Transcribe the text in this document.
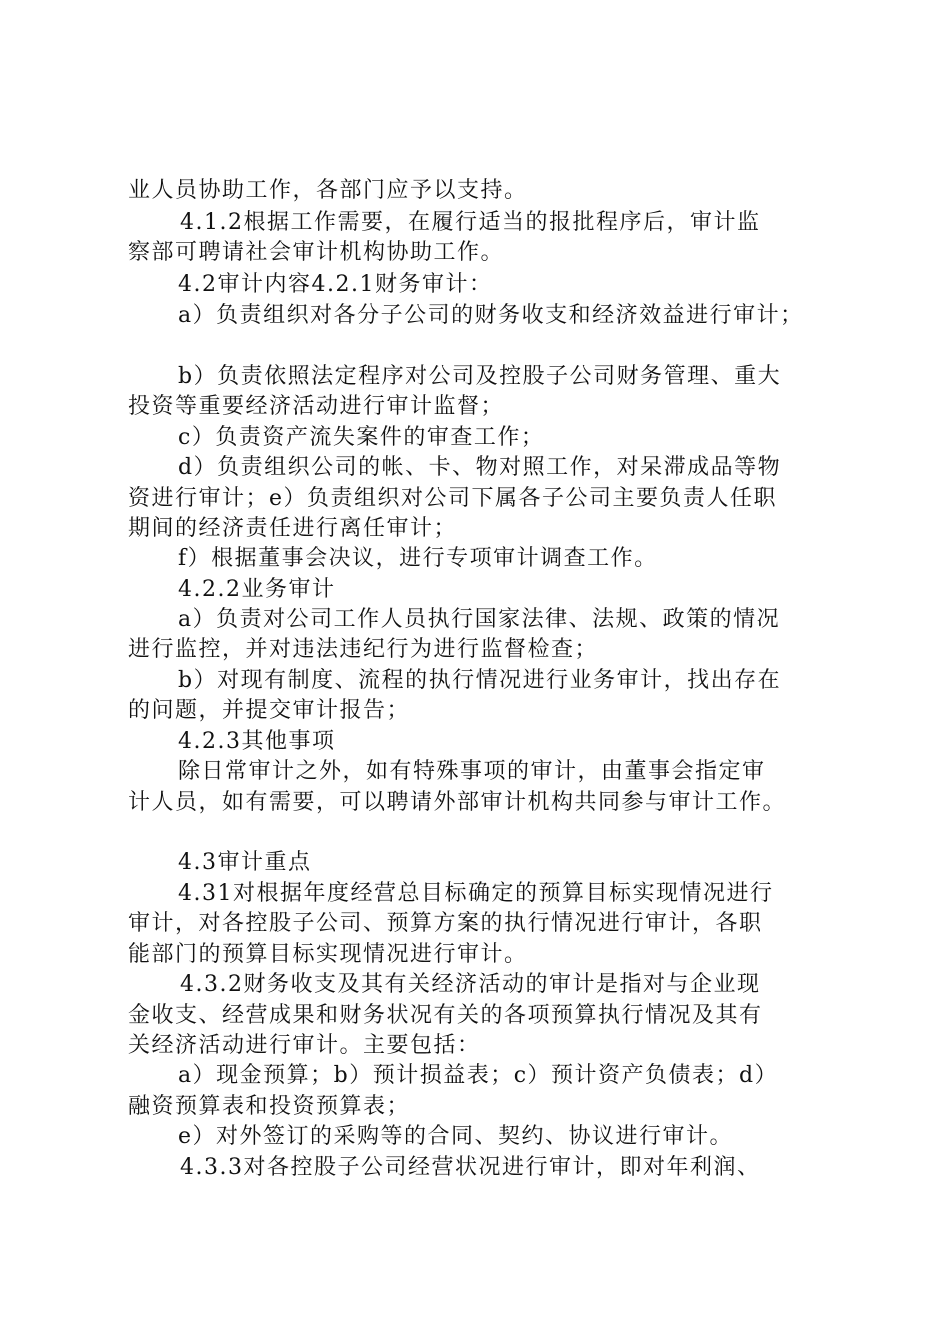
业人员协助工作，各部门应予以支持。
4.1.2根据工作需要，在履行适当的报批程序后，审计监
察部可聘请社会审计机构协助工作。
4.2审计内容4.2.1财务审计：
a）负责组织对各分子公司的财务收支和经济效益进行审计；
b）负责依照法定程序对公司及控股子公司财务管理、重大
投资等重要经济活动进行审计监督；
c）负责资产流失案件的审查工作；
d）负责组织公司的帐、卡、物对照工作，对呆滞成品等物
资进行审计；e）负责组织对公司下属各子公司主要负责人任职
期间的经济责任进行离任审计；
f）根据董事会决议，进行专项审计调查工作。
4.2.2业务审计
a）负责对公司工作人员执行国家法律、法规、政策的情况
进行监控，并对违法违纪行为进行监督检查；
b）对现有制度、流程的执行情况进行业务审计，找出存在
的问题，并提交审计报告；
4.2.3其他事项
除日常审计之外，如有特殊事项的审计，由董事会指定审
计人员，如有需要，可以聘请外部审计机构共同参与审计工作。
4.3审计重点
4.31对根据年度经营总目标确定的预算目标实现情况进行
审计，对各控股子公司、预算方案的执行情况进行审计，各职
能部门的预算目标实现情况进行审计。
4.3.2财务收支及其有关经济活动的审计是指对与企业现
金收支、经营成果和财务状况有关的各项预算执行情况及其有
关经济活动进行审计。主要包括：
a）现金预算；b）预计损益表；c）预计资产负债表；d）
融资预算表和投资预算表；
e）对外签订的采购等的合同、契约、协议进行审计。
4.3.3对各控股子公司经营状况进行审计，即对年利润、
